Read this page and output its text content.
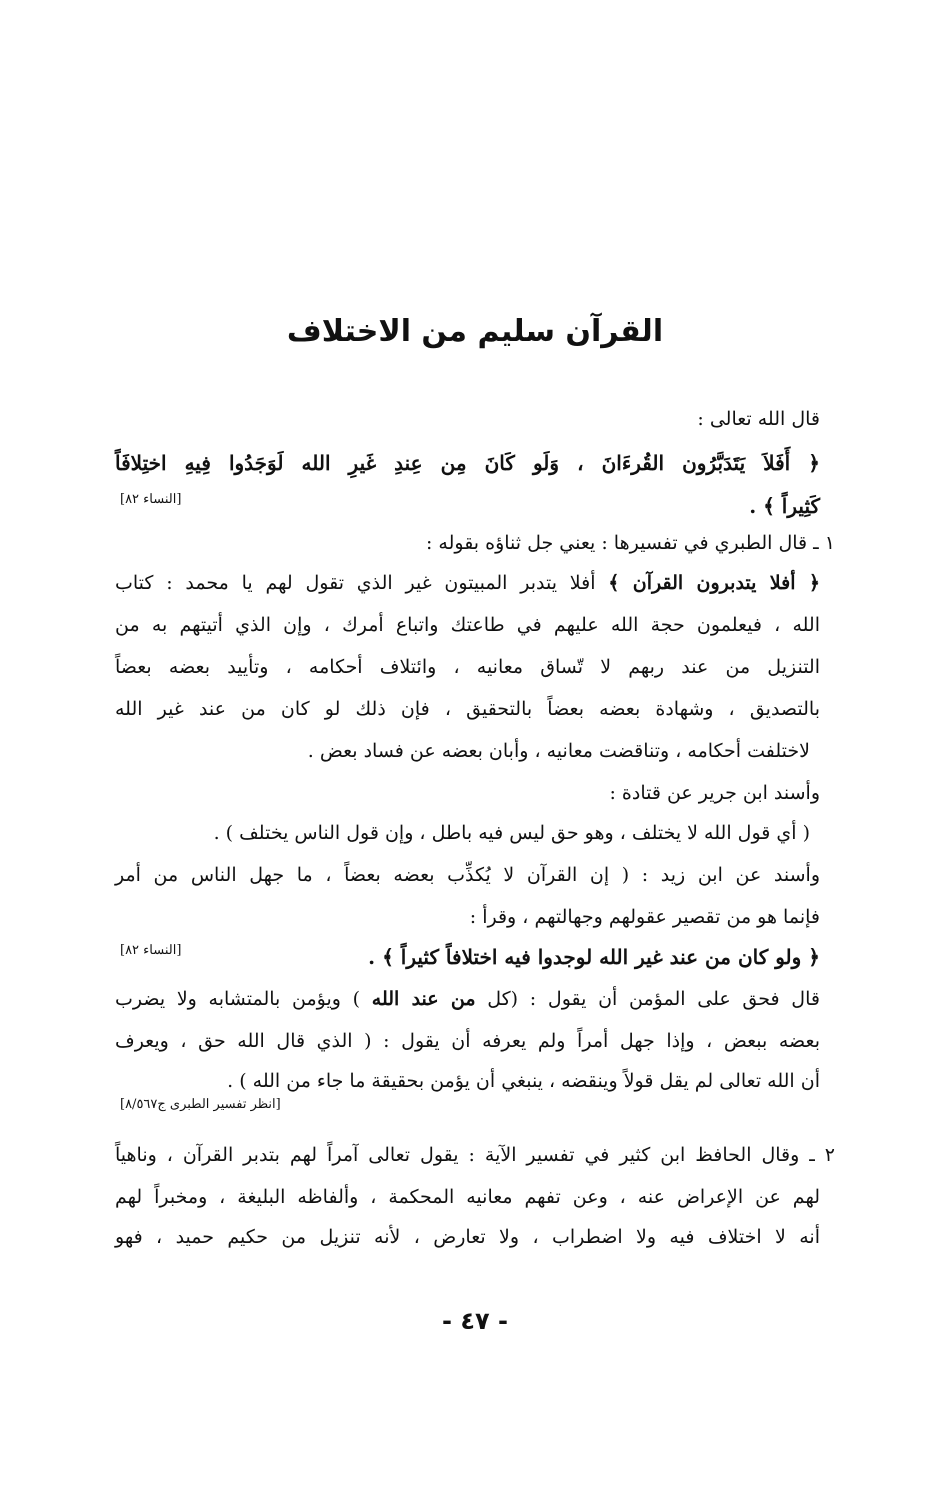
القرآن سليم من الاختلاف
قال الله تعالى :
﴿ أَفَلاَ يَتَدَبَّرُون القُرءَانَ ، وَلَو كَانَ مِن عِندِ غَيرِ الله لَوَجَدُوا فِيهِ اختِلافَاً
كَثِيراً ﴾ .
[النساء ٨٢]
١ ـ قال الطبري في تفسيرها : يعني جل ثناؤه بقوله :
﴿ أفلا يتدبرون القرآن ﴾ أفلا يتدبر المبيتون غير الذي تقول لهم يا محمد : كتاب
الله ، فيعلمون حجة الله عليهم في طاعتك واتباع أمرك ، وإن الذي أتيتهم به من
التنزيل من عند ربهم لا تّساق معانيه ، وائتلاف أحكامه ، وتأييد بعضه بعضاً
بالتصديق ، وشهادة بعضه بعضاً بالتحقيق ، فإن ذلك لو كان من عند غير الله
لاختلفت أحكامه ، وتناقضت معانيه ، وأبان بعضه عن فساد بعض .
وأسند ابن جرير عن قتادة :
( أي قول الله لا يختلف ، وهو حق ليس فيه باطل ، وإن قول الناس يختلف ) .
وأسند عن ابن زيد : ( إن القرآن لا يُكذِّب بعضه بعضاً ، ما جهل الناس من أمر
فإنما هو من تقصير عقولهم وجهالتهم ، وقرأ :
﴿ ولو كان من عند غير الله لوجدوا فيه اختلافاً كثيراً ﴾ .
[النساء ٨٢]
قال فحق على المؤمن أن يقول : (كل من عند الله ) ويؤمن بالمتشابه ولا يضرب
بعضه ببعض ، وإذا جهل أمراً ولم يعرفه أن يقول : ( الذي قال الله حق ، ويعرف
أن الله تعالى لم يقل قولاً وينقضه ، ينبغي أن يؤمن بحقيقة ما جاء من الله ) .
[انظر تفسير الطبرى ج٨/٥٦٧]
٢ ـ وقال الحافظ ابن كثير في تفسير الآية : يقول تعالى آمراً لهم بتدبر القرآن ، وناهياً
لهم عن الإعراض عنه ، وعن تفهم معانيه المحكمة ، وألفاظه البليغة ، ومخبراً لهم
أنه لا اختلاف فيه ولا اضطراب ، ولا تعارض ، لأنه تنزيل من حكيم حميد ، فهو
- ٤٧ -
